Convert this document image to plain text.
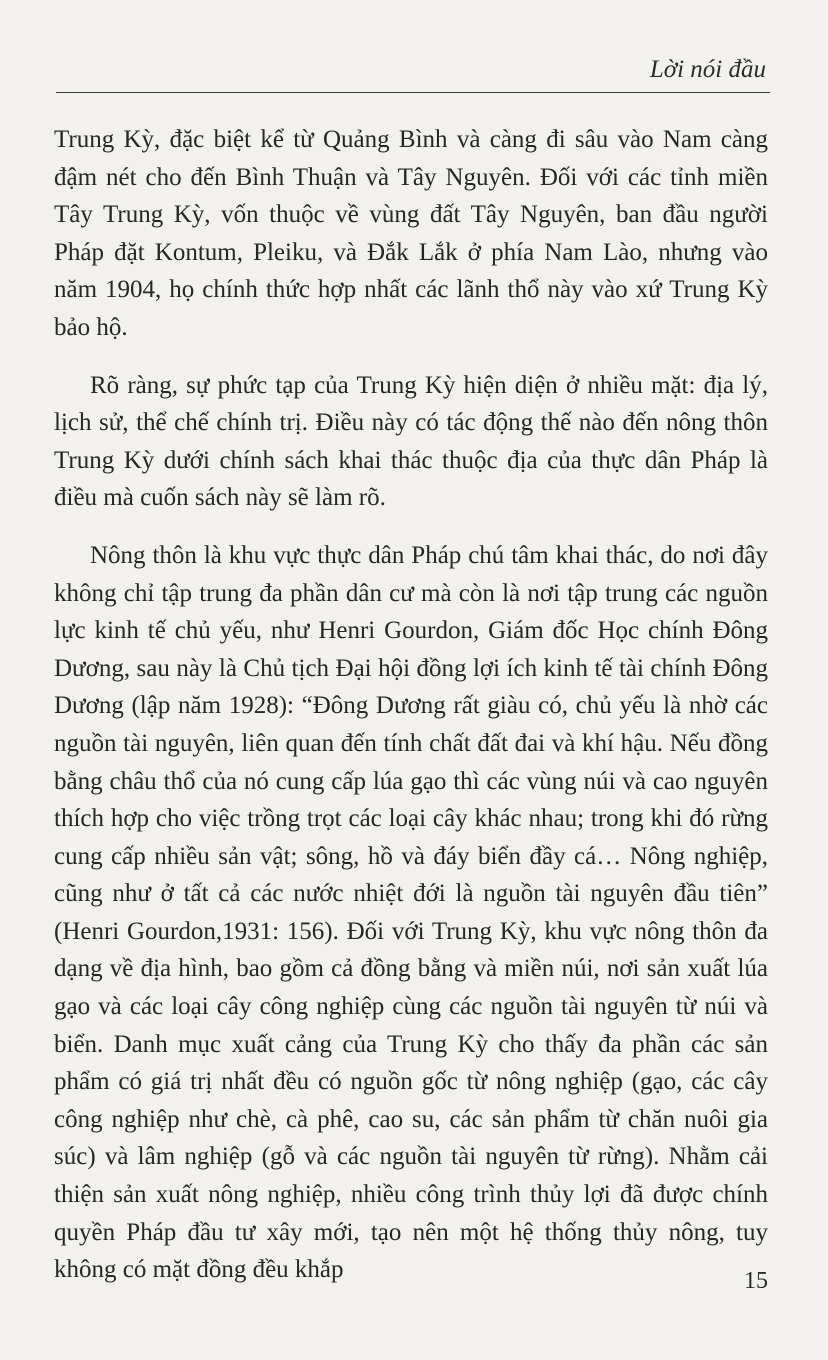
Lời nói đầu

Trung Kỳ, đặc biệt kể từ Quảng Bình và càng đi sâu vào Nam càng đậm nét cho đến Bình Thuận và Tây Nguyên. Đối với các tỉnh miền Tây Trung Kỳ, vốn thuộc về vùng đất Tây Nguyên, ban đầu người Pháp đặt Kontum, Pleiku, và Đắk Lắk ở phía Nam Lào, nhưng vào năm 1904, họ chính thức hợp nhất các lãnh thổ này vào xứ Trung Kỳ bảo hộ.

Rõ ràng, sự phức tạp của Trung Kỳ hiện diện ở nhiều mặt: địa lý, lịch sử, thể chế chính trị. Điều này có tác động thế nào đến nông thôn Trung Kỳ dưới chính sách khai thác thuộc địa của thực dân Pháp là điều mà cuốn sách này sẽ làm rõ.

Nông thôn là khu vực thực dân Pháp chú tâm khai thác, do nơi đây không chỉ tập trung đa phần dân cư mà còn là nơi tập trung các nguồn lực kinh tế chủ yếu, như Henri Gourdon, Giám đốc Học chính Đông Dương, sau này là Chủ tịch Đại hội đồng lợi ích kinh tế tài chính Đông Dương (lập năm 1928): “Đông Dương rất giàu có, chủ yếu là nhờ các nguồn tài nguyên, liên quan đến tính chất đất đai và khí hậu. Nếu đồng bằng châu thổ của nó cung cấp lúa gạo thì các vùng núi và cao nguyên thích hợp cho việc trồng trọt các loại cây khác nhau; trong khi đó rừng cung cấp nhiều sản vật; sông, hồ và đáy biển đầy cá… Nông nghiệp, cũng như ở tất cả các nước nhiệt đới là nguồn tài nguyên đầu tiên” (Henri Gourdon,1931: 156). Đối với Trung Kỳ, khu vực nông thôn đa dạng về địa hình, bao gồm cả đồng bằng và miền núi, nơi sản xuất lúa gạo và các loại cây công nghiệp cùng các nguồn tài nguyên từ núi và biển. Danh mục xuất cảng của Trung Kỳ cho thấy đa phần các sản phẩm có giá trị nhất đều có nguồn gốc từ nông nghiệp (gạo, các cây công nghiệp như chè, cà phê, cao su, các sản phẩm từ chăn nuôi gia súc) và lâm nghiệp (gỗ và các nguồn tài nguyên từ rừng). Nhằm cải thiện sản xuất nông nghiệp, nhiều công trình thủy lợi đã được chính quyền Pháp đầu tư xây mới, tạo nên một hệ thống thủy nông, tuy không có mặt đồng đều khắp	15
